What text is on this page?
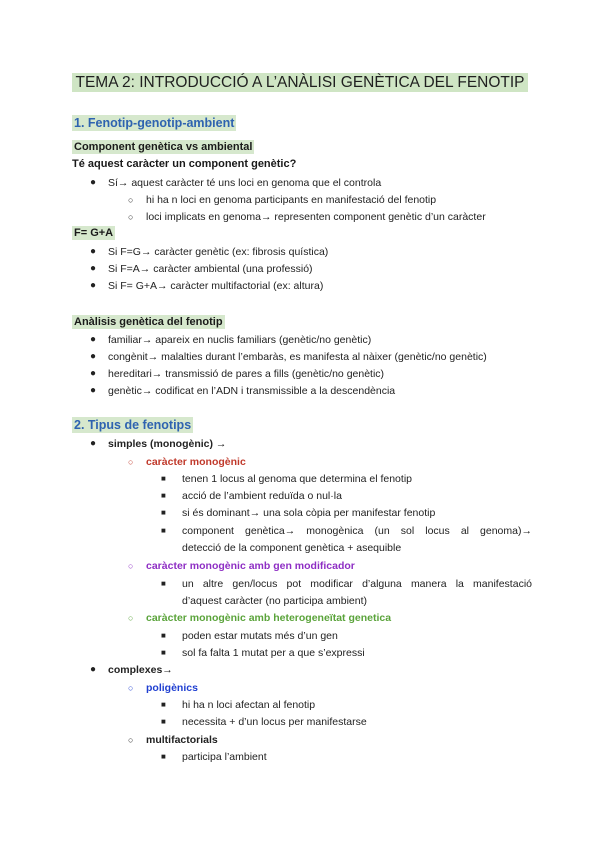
TEMA 2: INTRODUCCIÓ A L’ANÀLISI GENÈTICA DEL FENOTIP
1. Fenotip-genotip-ambient
Component genètica vs ambiental
Té aquest caràcter un component genètic?
● Sí→ aquest caràcter té uns loci en genoma que el controla
○ hi ha n loci en genoma participants en manifestació del fenotip
○ loci implicats en genoma→ representen component genètic d’un caràcter
F= G+A
● Si F=G→ caràcter genètic (ex: fibrosis quística)
● Si F=A→ caràcter ambiental (una professió)
● Si F= G+A→ caràcter multifactorial (ex: altura)
Anàlisis genètica del fenotip
● familiar→ apareix en nuclis familiars (genètic/no genètic)
● congènit→ malalties durant l’embaràs, es manifesta al nàixer (genètic/no genètic)
● hereditari→ transmissió de pares a fills (genètic/no genètic)
● genètic→ codificat en l’ADN i transmissible a la descendència
2. Tipus de fenotips
● simples (monogènic) →
○ caràcter monogènic
■ tenen 1 locus al genoma que determina el fenotip
■ acció de l’ambient reduïda o nul·la
■ si és dominant→ una sola còpia per manifestar fenotip
■ component genètica→ monogènica (un sol locus al genoma)→
detecció de la component genètica + asequible
○ caràcter monogènic amb gen modificador
■ un altre gen/locus pot modificar d’alguna manera la manifestació
d’aquest caràcter (no participa ambient)
○ caràcter monogènic amb heterogeneïtat genetica
■ poden estar mutats més d’un gen
■ sol fa falta 1 mutat per a que s’expressi
● complexes→
○ poligènics
■ hi ha n loci afectan al fenotip
■ necessita + d’un locus per manifestarse
○ multifactorials
■ participa l’ambient
